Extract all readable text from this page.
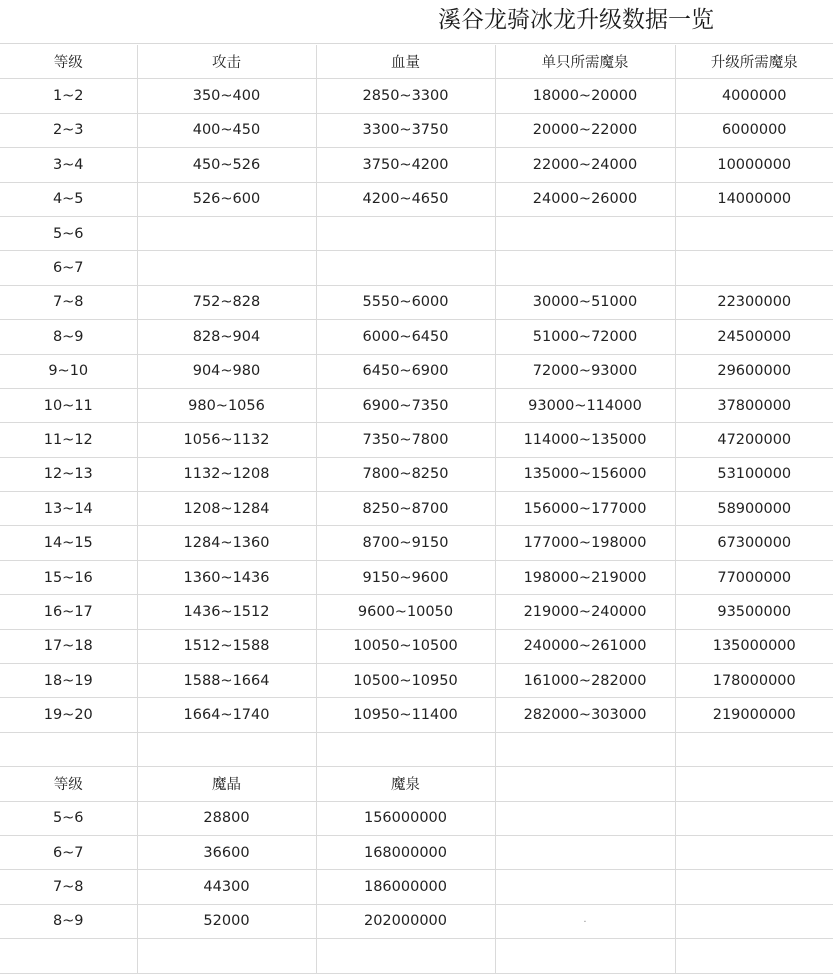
溪谷龙骑冰龙升级数据一览
等级	攻击	血量	单只所需魔泉	升级所需魔泉
1~2	350~400	2850~3300	18000~20000	4000000
2~3	400~450	3300~3750	20000~22000	6000000
3~4	450~526	3750~4200	22000~24000	10000000
4~5	526~600	4200~4650	24000~26000	14000000
5~6				
6~7				
7~8	752~828	5550~6000	30000~51000	22300000
8~9	828~904	6000~6450	51000~72000	24500000
9~10	904~980	6450~6900	72000~93000	29600000
10~11	980~1056	6900~7350	93000~114000	37800000
11~12	1056~1132	7350~7800	114000~135000	47200000
12~13	1132~1208	7800~8250	135000~156000	53100000
13~14	1208~1284	8250~8700	156000~177000	58900000
14~15	1284~1360	8700~9150	177000~198000	67300000
15~16	1360~1436	9150~9600	198000~219000	77000000
16~17	1436~1512	9600~10050	219000~240000	93500000
17~18	1512~1588	10050~10500	240000~261000	135000000
18~19	1588~1664	10500~10950	161000~282000	178000000
19~20	1664~1740	10950~11400	282000~303000	219000000

等级	魔晶	魔泉		
5~6	28800	156000000		
6~7	36600	168000000		
7~8	44300	186000000		
8~9	52000	202000000	·	
